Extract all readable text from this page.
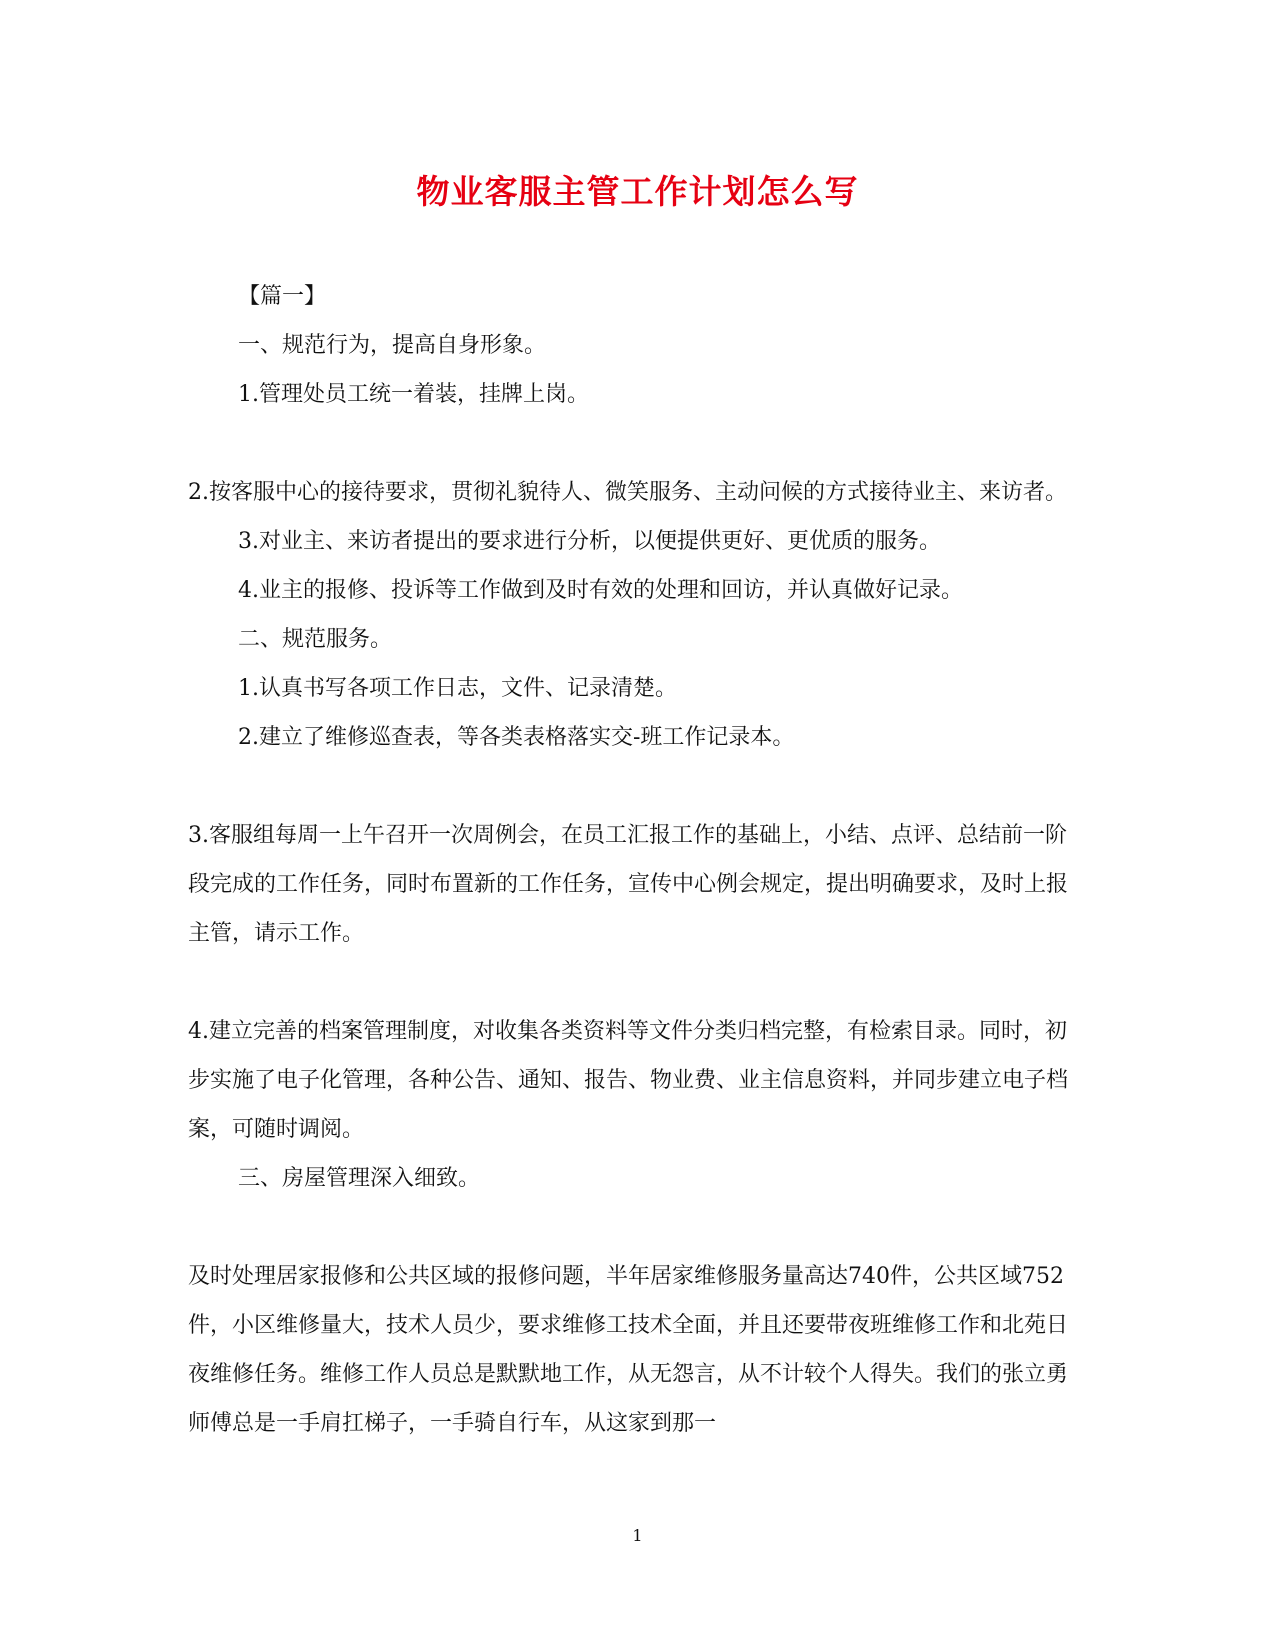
物业客服主管工作计划怎么写

【篇一】

一、规范行为，提高自身形象。

1.管理处员工统一着装，挂牌上岗。

2.按客服中心的接待要求，贯彻礼貌待人、微笑服务、主动问候的方式接待业主、来访者。

3.对业主、来访者提出的要求进行分析，以便提供更好、更优质的服务。

4.业主的报修、投诉等工作做到及时有效的处理和回访，并认真做好记录。

二、规范服务。

1.认真书写各项工作日志，文件、记录清楚。

2.建立了维修巡查表，等各类表格落实交-班工作记录本。

3.客服组每周一上午召开一次周例会，在员工汇报工作的基础上，小结、点评、总结前一阶段完成的工作任务，同时布置新的工作任务，宣传中心例会规定，提出明确要求，及时上报主管，请示工作。

4.建立完善的档案管理制度，对收集各类资料等文件分类归档完整，有检索目录。同时，初步实施了电子化管理，各种公告、通知、报告、物业费、业主信息资料，并同步建立电子档案，可随时调阅。

三、房屋管理深入细致。

及时处理居家报修和公共区域的报修问题，半年居家维修服务量高达740件，公共区域752件，小区维修量大，技术人员少，要求维修工技术全面，并且还要带夜班维修工作和北苑日夜维修任务。维修工作人员总是默默地工作，从无怨言，从不计较个人得失。我们的张立勇师傅总是一手肩扛梯子，一手骑自行车，从这家到那一

1
